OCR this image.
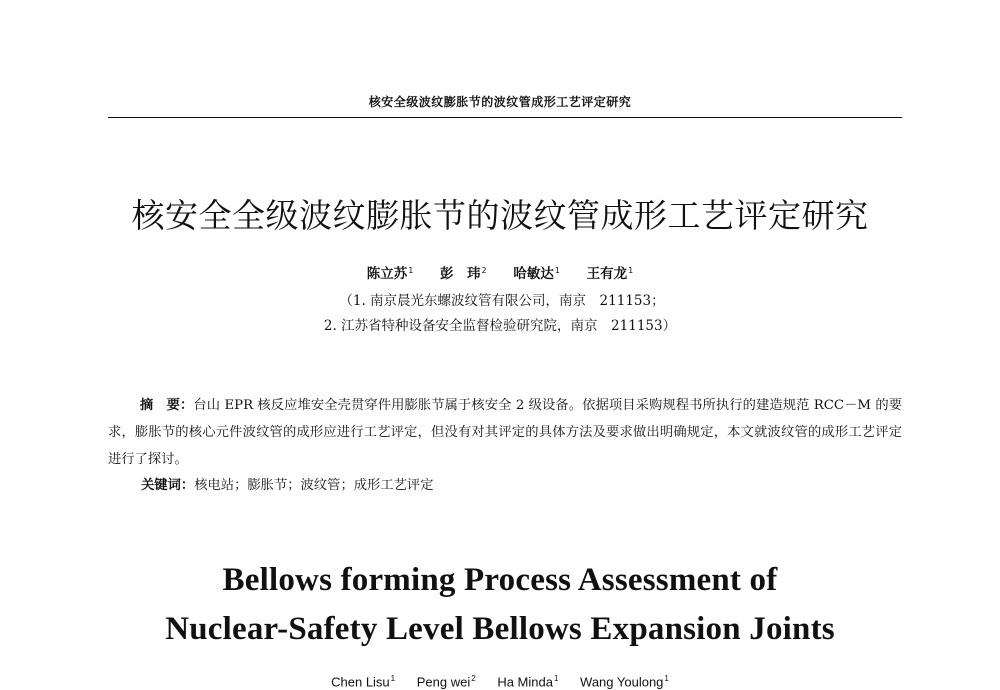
核安全级波纹膨胀节的波纹管成形工艺评定研究
核安全全级波纹膨胀节的波纹管成形工艺评定研究
陈立苏$^1$ 彭　玮$^2$ 哈敏达$^1$ 王有龙$^1$
（1. 南京晨光东螺波纹管有限公司，南京　211153；
2. 江苏省特种设备安全监督检验研究院，南京　211153）
摘　要：台山 EPR 核反应堆安全壳贯穿件用膨胀节属于核安全 2 级设备。依据项目采购规程书所执行的建造规范 RCC－M 的要求，膨胀节的核心元件波纹管的成形应进行工艺评定，但没有对其评定的具体方法及要求做出明确规定，本文就波纹管的成形工艺评定进行了探讨。
关键词：核电站；膨胀节；波纹管；成形工艺评定
Bellows forming Process Assessment of
Nuclear-Safety Level Bellows Expansion Joints
Chen Lisu$^1$ Peng wei$^2$ Ha Minda$^1$ Wang Youlong$^1$
